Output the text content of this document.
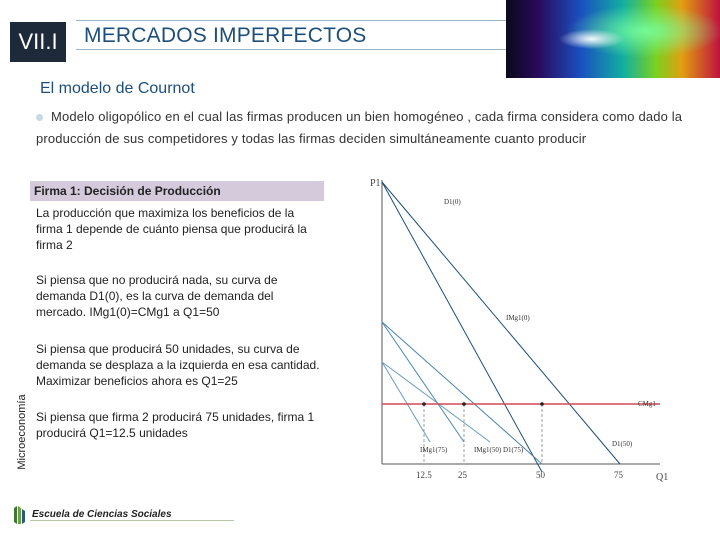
VII.I	MERCADOS IMPERFECTOS
El modelo de Cournot
Modelo oligopólico en el cual las firmas producen un bien homogéneo , cada firma considera como dado la producción de sus competidores y todas las firmas deciden simultáneamente cuanto producir
Firma 1: Decisión de Producción
La producción que maximiza los beneficios de la firma 1 depende de cuánto piensa que producirá la firma 2
Si piensa que no producirá nada, su curva de demanda D1(0), es la curva de demanda del mercado. IMg1(0)=CMg1 a Q1=50
Si piensa que producirá 50 unidades, su curva de demanda se desplaza a la izquierda en esa cantidad. Maximizar beneficios ahora es Q1=25
Si piensa que firma 2 producirá 75 unidades, firma 1 producirá Q1=12.5 unidades
Microeconomía
Escuela de Ciencias Sociales
P1
Q1
D1(0)
IMg1(0)
CMg1
IMg1(75)	IMg1(50) D1(75)
D1(50)
12.5	25	50	75
